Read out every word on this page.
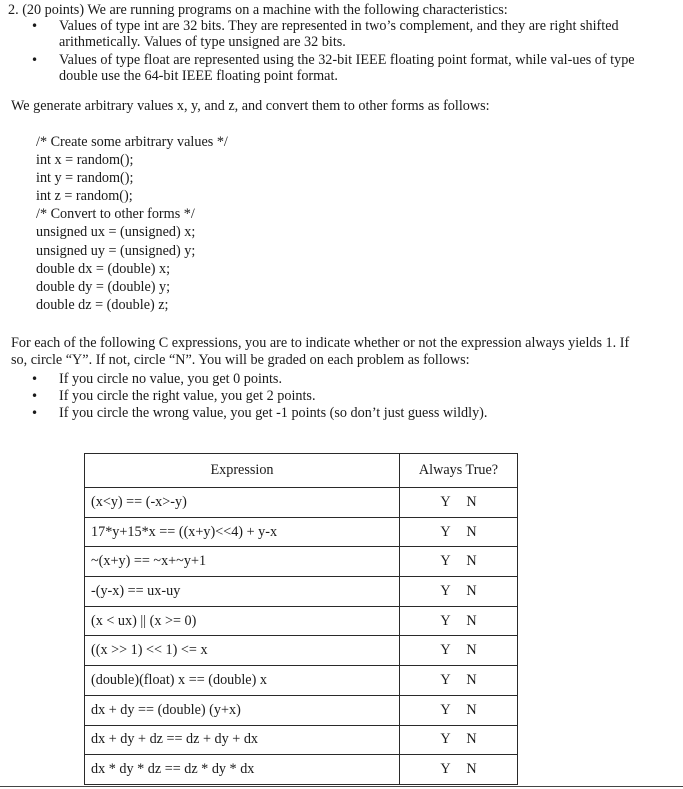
2. (20 points) We are running programs on a machine with the following characteristics:
• Values of type int are 32 bits. They are represented in two’s complement, and they are right shifted arithmetically. Values of type unsigned are 32 bits.
• Values of type float are represented using the 32-bit IEEE floating point format, while val-ues of type double use the 64-bit IEEE floating point format.

We generate arbitrary values x, y, and z, and convert them to other forms as follows:

/* Create some arbitrary values */
int x = random();
int y = random();
int z = random();
/* Convert to other forms */
unsigned ux = (unsigned) x;
unsigned uy = (unsigned) y;
double dx = (double) x;
double dy = (double) y;
double dz = (double) z;

For each of the following C expressions, you are to indicate whether or not the expression always yields 1. If so, circle “Y”. If not, circle “N”. You will be graded on each problem as follows:

• If you circle no value, you get 0 points.
• If you circle the right value, you get 2 points.
• If you circle the wrong value, you get -1 points (so don’t just guess wildly).
Expression	Always True?
(x<y) == (-x>-y)	Y N
17*y+15*x == ((x+y)<<4) + y-x	Y N
~(x+y) == ~x+~y+1	Y N
-(y-x) == ux-uy	Y N
(x < ux) || (x >= 0)	Y N
((x >> 1) << 1) <= x	Y N
(double)(float) x == (double) x	Y N
dx + dy == (double) (y+x)	Y N
dx + dy + dz == dz + dy + dx	Y N
dx * dy * dz == dz * dy * dx	Y N
